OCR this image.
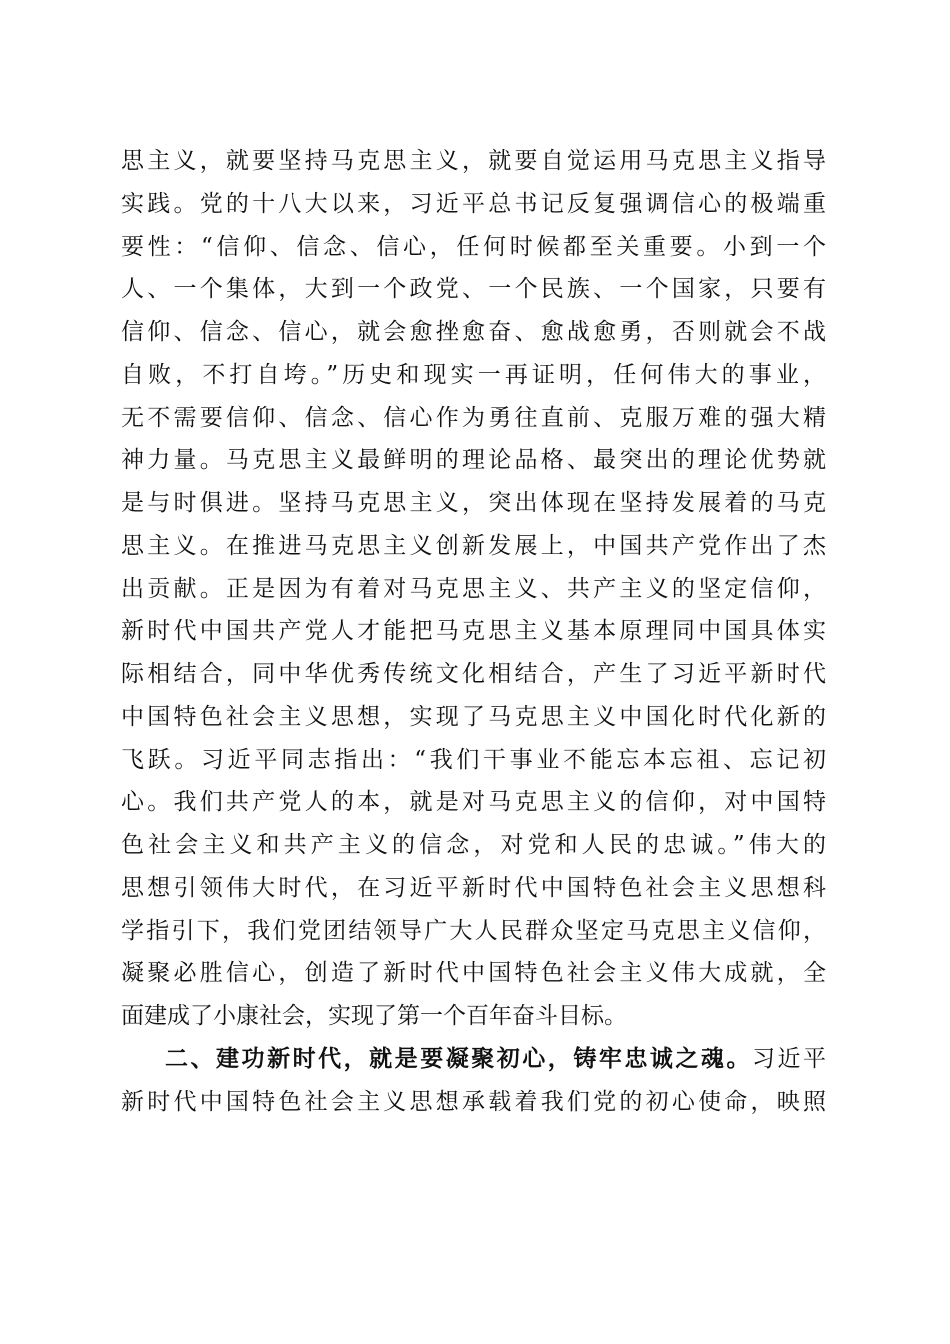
思主义，就要坚持马克思主义，就要自觉运用马克思主义指导
实践。党的十八大以来，习近平总书记反复强调信心的极端重
要性：“信仰、信念、信心，任何时候都至关重要。小到一个
人、一个集体，大到一个政党、一个民族、一个国家，只要有
信仰、信念、信心，就会愈挫愈奋、愈战愈勇，否则就会不战
自败，不打自垮。”历史和现实一再证明，任何伟大的事业，
无不需要信仰、信念、信心作为勇往直前、克服万难的强大精
神力量。马克思主义最鲜明的理论品格、最突出的理论优势就
是与时俱进。坚持马克思主义，突出体现在坚持发展着的马克
思主义。在推进马克思主义创新发展上，中国共产党作出了杰
出贡献。正是因为有着对马克思主义、共产主义的坚定信仰，
新时代中国共产党人才能把马克思主义基本原理同中国具体实
际相结合，同中华优秀传统文化相结合，产生了习近平新时代
中国特色社会主义思想，实现了马克思主义中国化时代化新的
飞跃。习近平同志指出：“我们干事业不能忘本忘祖、忘记初
心。我们共产党人的本，就是对马克思主义的信仰，对中国特
色社会主义和共产主义的信念，对党和人民的忠诚。”伟大的
思想引领伟大时代，在习近平新时代中国特色社会主义思想科
学指引下，我们党团结领导广大人民群众坚定马克思主义信仰，
凝聚必胜信心，创造了新时代中国特色社会主义伟大成就，全
面建成了小康社会，实现了第一个百年奋斗目标。
二、建功新时代，就是要凝聚初心，铸牢忠诚之魂。习近平
新时代中国特色社会主义思想承载着我们党的初心使命，映照
